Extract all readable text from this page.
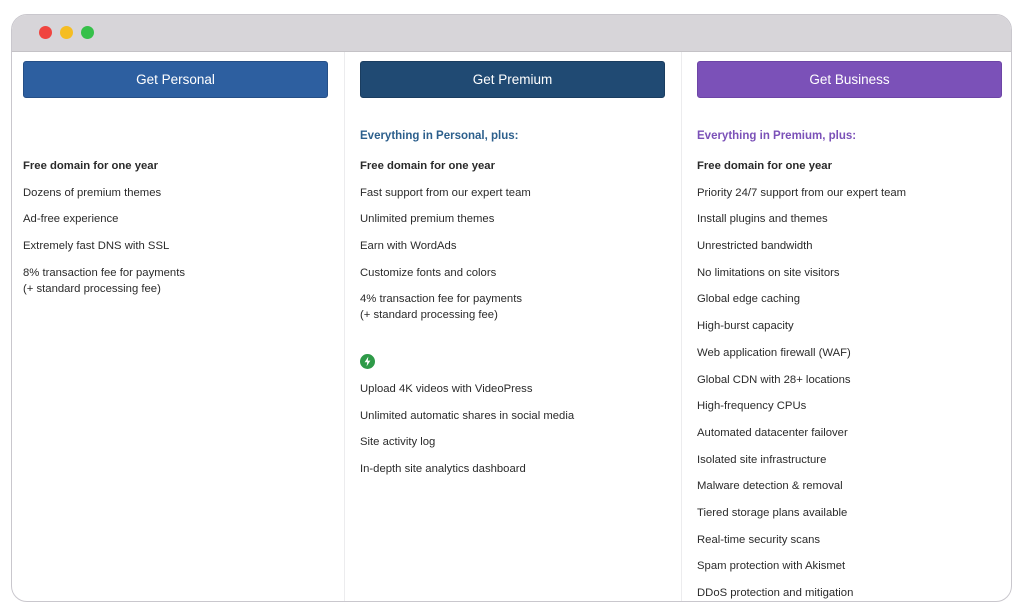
Get Personal
Free domain for one year
Dozens of premium themes
Ad-free experience
Extremely fast DNS with SSL
8% transaction fee for payments
(+ standard processing fee)
Get Premium
Everything in Personal, plus:
Free domain for one year
Fast support from our expert team
Unlimited premium themes
Earn with WordAds
Customize fonts and colors
4% transaction fee for payments
(+ standard processing fee)
Upload 4K videos with VideoPress
Unlimited automatic shares in social media
Site activity log
In-depth site analytics dashboard
Get Business
Everything in Premium, plus:
Free domain for one year
Priority 24/7 support from our expert team
Install plugins and themes
Unrestricted bandwidth
No limitations on site visitors
Global edge caching
High-burst capacity
Web application firewall (WAF)
Global CDN with 28+ locations
High-frequency CPUs
Automated datacenter failover
Isolated site infrastructure
Malware detection & removal
Tiered storage plans available
Real-time security scans
Spam protection with Akismet
DDoS protection and mitigation
